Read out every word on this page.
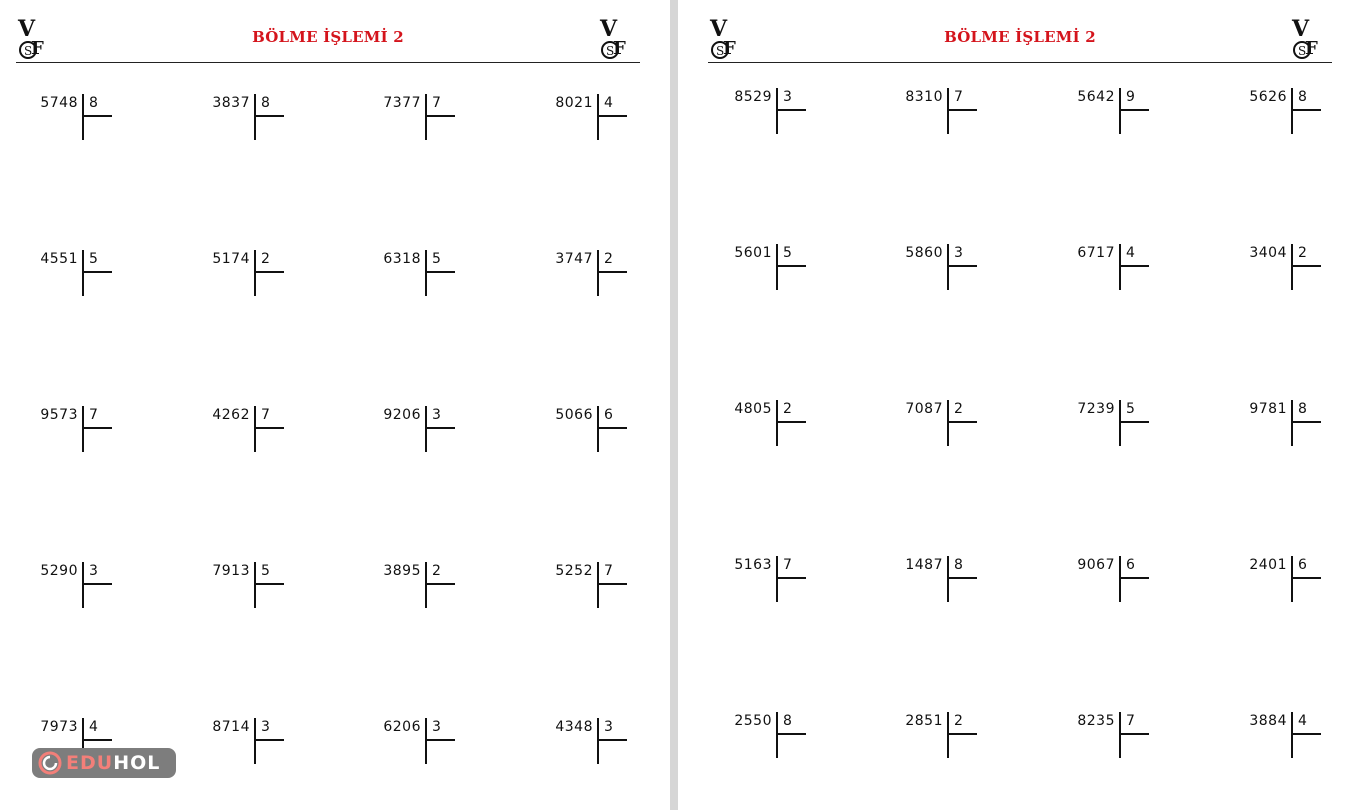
V
F
S
BÖLME İŞLEMİ 2	V
F
S
5748 8	3837 8	7377 7	8021 4
4551 5	5174 2	6318 5	3747 2
9573 7	4262 7	9206 3	5066 6
5290 3	7913 5	3895 2	5252 7
7973 4	8714 3	6206 3	4348 3
V
F
S
BÖLME İŞLEMİ 2	V
F
S
8529 3	8310 7	5642 9	5626 8
5601 5	5860 3	6717 4	3404 2
4805 2	7087 2	7239 5	9781 8
5163 7	1487 8	9067 6	2401 6
2550 8	2851 2	8235 7	3884 4
EDUHOL
